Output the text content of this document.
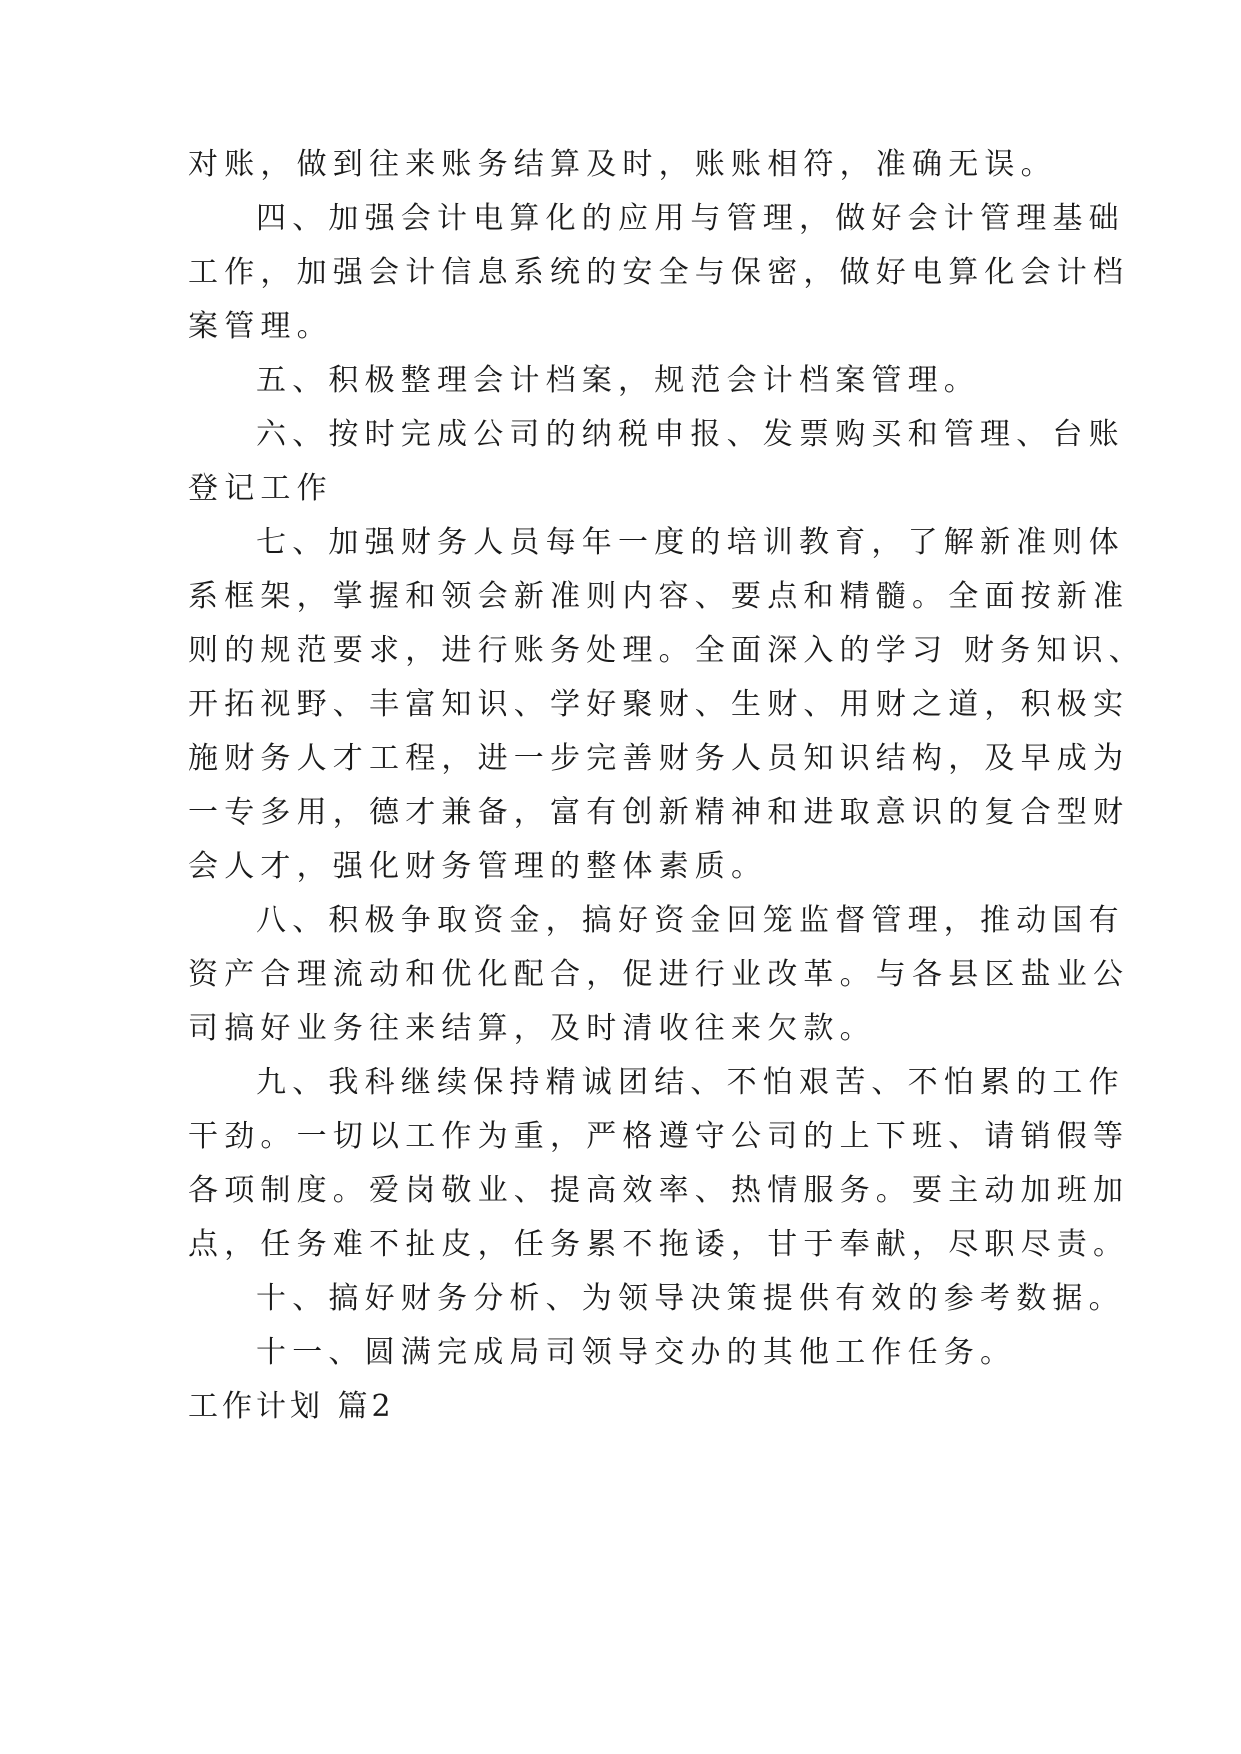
对账，做到往来账务结算及时，账账相符，准确无误。
四、加强会计电算化的应用与管理，做好会计管理基础
工作，加强会计信息系统的安全与保密，做好电算化会计档
案管理。
五、积极整理会计档案，规范会计档案管理。
六、按时完成公司的纳税申报、发票购买和管理、台账
登记工作
七、加强财务人员每年一度的培训教育，了解新准则体
系框架，掌握和领会新准则内容、要点和精髓。全面按新准
则的规范要求，进行账务处理。全面深入的学习 财务知识、
开拓视野、丰富知识、学好聚财、生财、用财之道，积极实
施财务人才工程，进一步完善财务人员知识结构，及早成为
一专多用，德才兼备，富有创新精神和进取意识的复合型财
会人才，强化财务管理的整体素质。
八、积极争取资金，搞好资金回笼监督管理，推动国有
资产合理流动和优化配合，促进行业改革。与各县区盐业公
司搞好业务往来结算，及时清收往来欠款。
九、我科继续保持精诚团结、不怕艰苦、不怕累的工作
干劲。一切以工作为重，严格遵守公司的上下班、请销假等
各项制度。爱岗敬业、提高效率、热情服务。要主动加班加
点，任务难不扯皮，任务累不拖诿，甘于奉献，尽职尽责。
十、搞好财务分析、为领导决策提供有效的参考数据。
十一、圆满完成局司领导交办的其他工作任务。
工作计划 篇2
